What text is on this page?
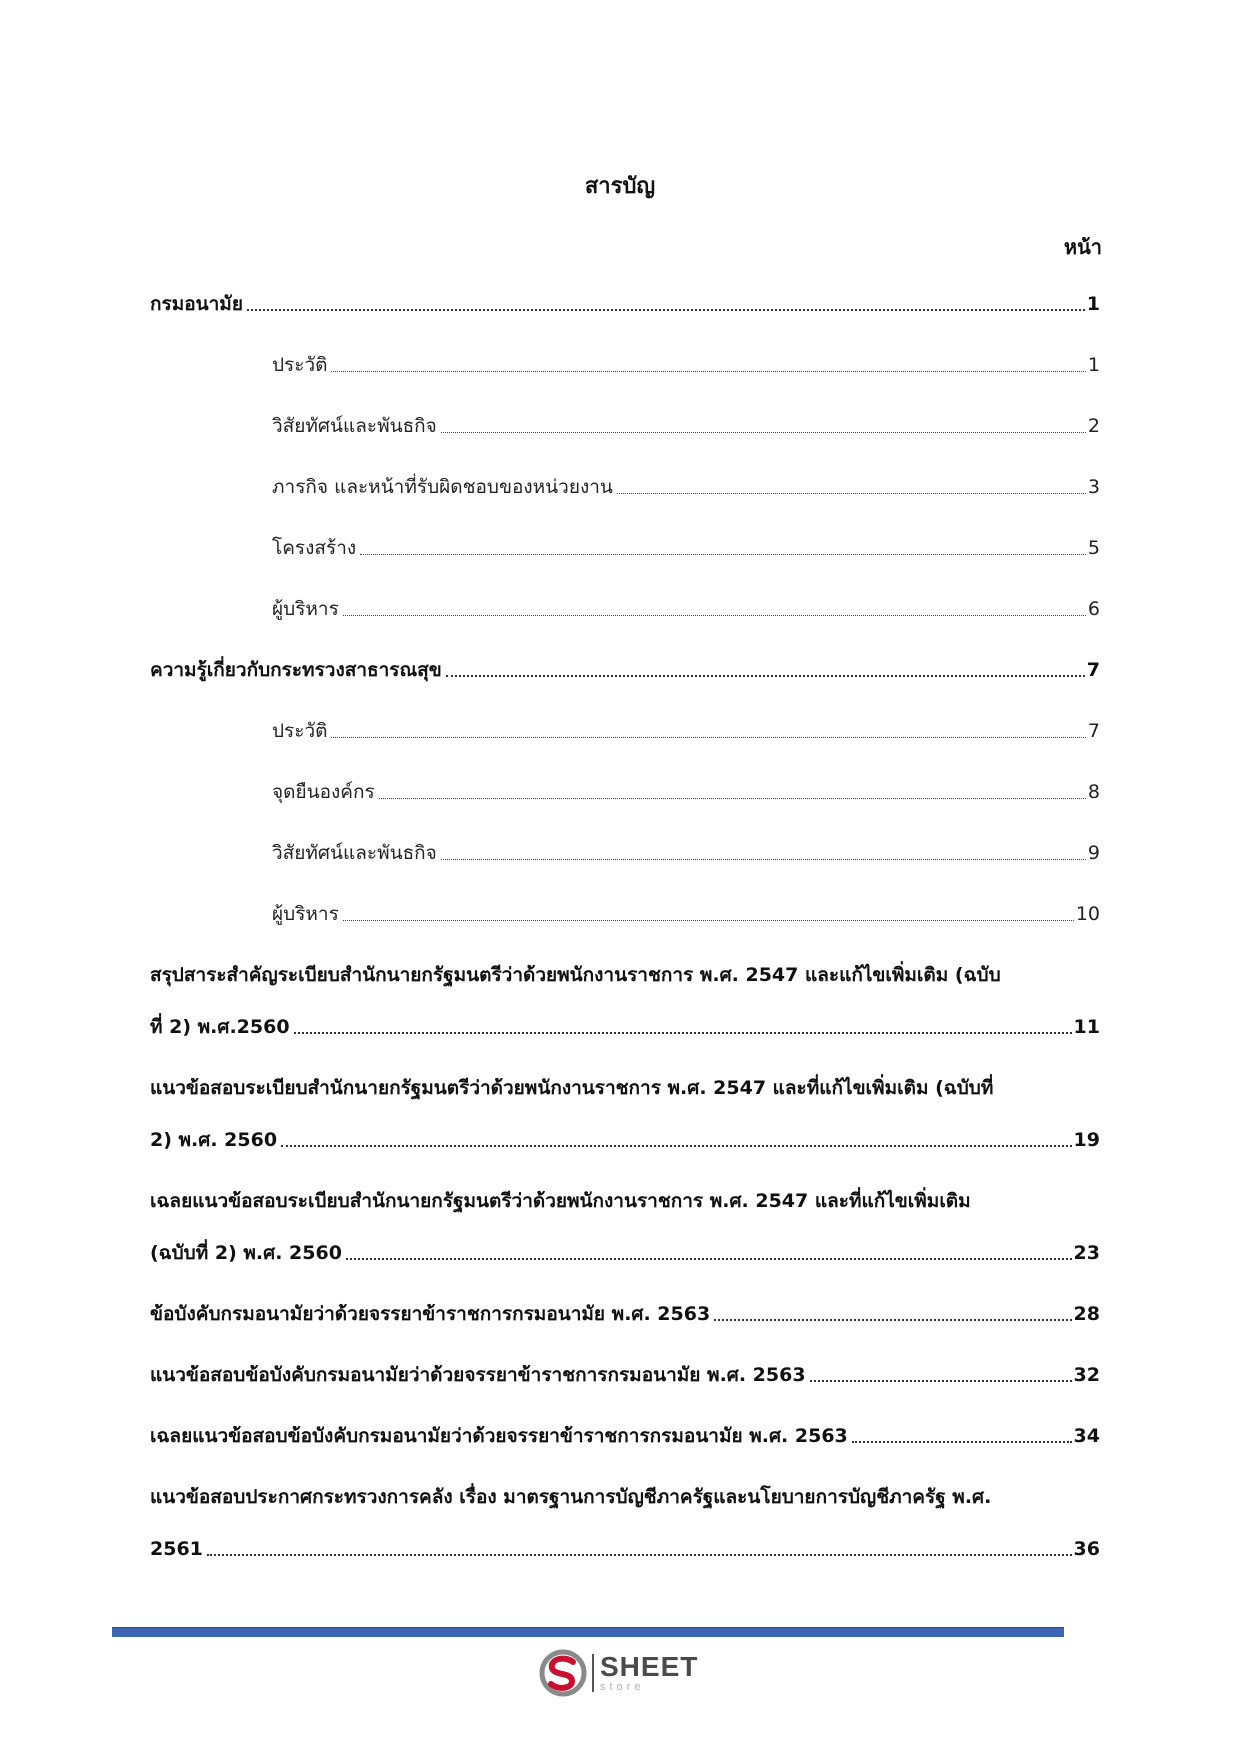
สารบัญ
หน้า
กรมอนามัย	1
ประวัติ	1
วิสัยทัศน์และพันธกิจ	2
ภารกิจ และหน้าที่รับผิดชอบของหน่วยงาน	3
โครงสร้าง	5
ผู้บริหาร	6
ความรู้เกี่ยวกับกระทรวงสาธารณสุข	7
ประวัติ	7
จุดยืนองค์กร	8
วิสัยทัศน์และพันธกิจ	9
ผู้บริหาร	10
สรุปสาระสำคัญระเบียบสำนักนายกรัฐมนตรีว่าด้วยพนักงานราชการ พ.ศ. 2547 และแก้ไขเพิ่มเติม (ฉบับ
ที่ 2) พ.ศ.2560	11
แนวข้อสอบระเบียบสำนักนายกรัฐมนตรีว่าด้วยพนักงานราชการ พ.ศ. 2547 และที่แก้ไขเพิ่มเติม (ฉบับที่
2) พ.ศ. 2560	19
เฉลยแนวข้อสอบระเบียบสำนักนายกรัฐมนตรีว่าด้วยพนักงานราชการ พ.ศ. 2547 และที่แก้ไขเพิ่มเติม
(ฉบับที่ 2) พ.ศ. 2560	23
ข้อบังคับกรมอนามัยว่าด้วยจรรยาข้าราชการกรมอนามัย พ.ศ. 2563	28
แนวข้อสอบข้อบังคับกรมอนามัยว่าด้วยจรรยาข้าราชการกรมอนามัย พ.ศ. 2563	32
เฉลยแนวข้อสอบข้อบังคับกรมอนามัยว่าด้วยจรรยาข้าราชการกรมอนามัย พ.ศ. 2563	34
แนวข้อสอบประกาศกระทรวงการคลัง เรื่อง มาตรฐานการบัญชีภาครัฐและนโยบายการบัญชีภาครัฐ พ.ศ.
2561	36
SHEET
store
